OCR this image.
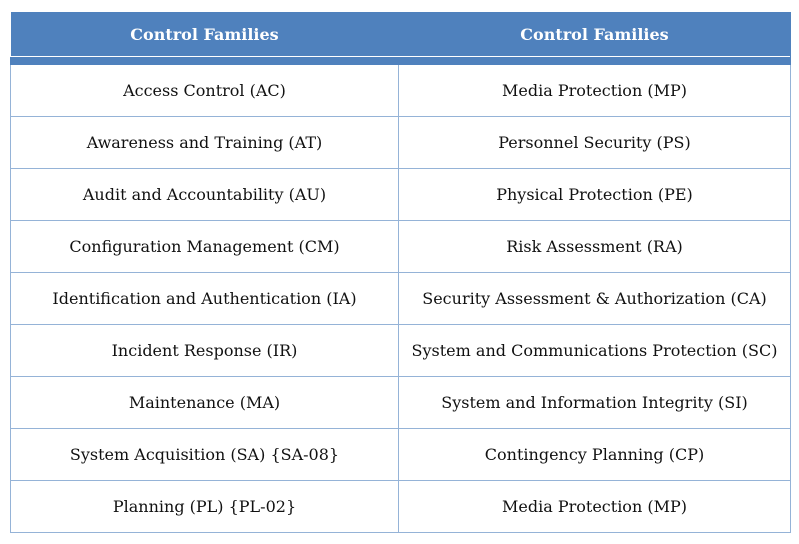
Control Families	Control Families
Access Control (AC)	Media Protection (MP)
Awareness and Training (AT)	Personnel Security (PS)
Audit and Accountability (AU)	Physical Protection (PE)
Configuration Management (CM)	Risk Assessment (RA)
Identification and Authentication (IA)	Security Assessment & Authorization (CA)
Incident Response (IR)	System and Communications Protection (SC)
Maintenance (MA)	System and Information Integrity (SI)
System Acquisition (SA) {SA-08}	Contingency Planning (CP)
Planning (PL) {PL-02}	Media Protection (MP)
